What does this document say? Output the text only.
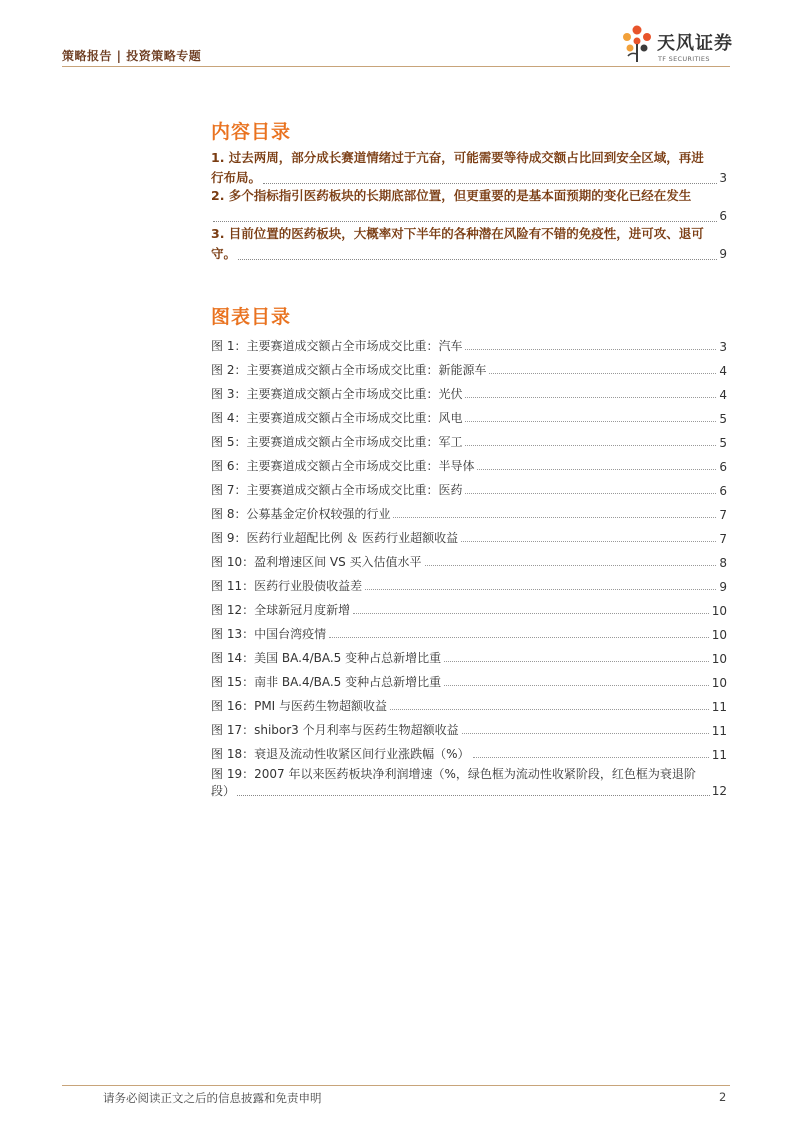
策略报告 | 投资策略专题
天风证券
TF SECURITIES
内容目录
1. 过去两周，部分成长赛道情绪过于亢奋，可能需要等待成交额占比回到安全区域，再进
行布局。	3
2. 多个指标指引医药板块的长期底部位置，但更重要的是基本面预期的变化已经在发生
6
3. 目前位置的医药板块，大概率对下半年的各种潜在风险有不错的免疫性，进可攻、退可
守。	9
图表目录
图 1：主要赛道成交额占全市场成交比重：汽车	3
图 2：主要赛道成交额占全市场成交比重：新能源车	4
图 3：主要赛道成交额占全市场成交比重：光伏	4
图 4：主要赛道成交额占全市场成交比重：风电	5
图 5：主要赛道成交额占全市场成交比重：军工	5
图 6：主要赛道成交额占全市场成交比重：半导体	6
图 7：主要赛道成交额占全市场成交比重：医药	6
图 8：公募基金定价权较强的行业	7
图 9：医药行业超配比例 ＆ 医药行业超额收益	7
图 10：盈利增速区间 VS 买入估值水平	8
图 11：医药行业股债收益差	9
图 12：全球新冠月度新增	10
图 13：中国台湾疫情	10
图 14：美国 BA.4/BA.5 变种占总新增比重	10
图 15：南非 BA.4/BA.5 变种占总新增比重	10
图 16：PMI 与医药生物超额收益	11
图 17：shibor3 个月利率与医药生物超额收益	11
图 18：衰退及流动性收紧区间行业涨跌幅（%）	11
图 19：2007 年以来医药板块净利润增速（%，绿色框为流动性收紧阶段，红色框为衰退阶
段）	12
请务必阅读正文之后的信息披露和免责申明	2
